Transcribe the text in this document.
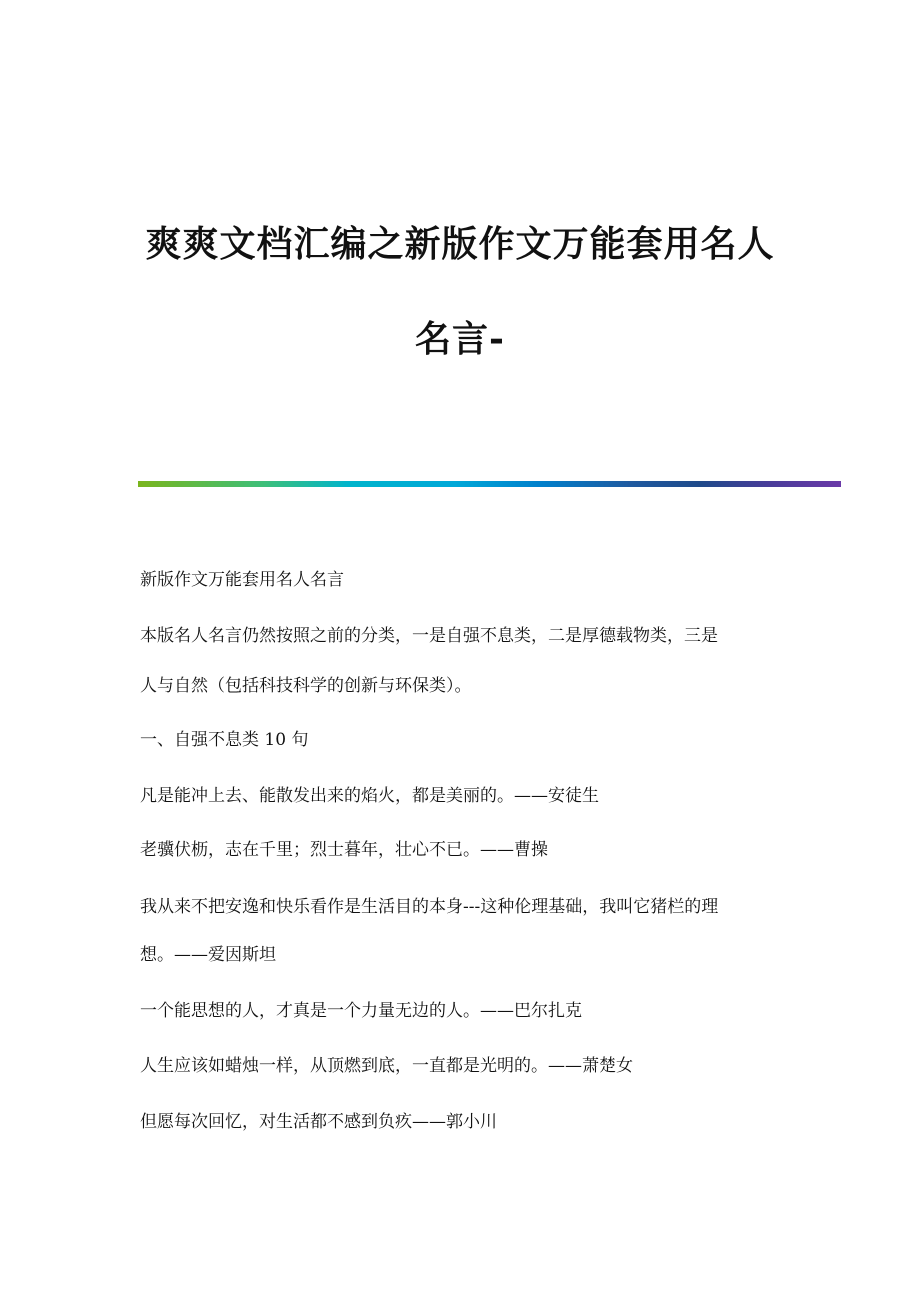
爽爽文档汇编之新版作文万能套用名人
名言-
新版作文万能套用名人名言
本版名人名言仍然按照之前的分类，一是自强不息类，二是厚德载物类，三是
人与自然（包括科技科学的创新与环保类）。
一、自强不息类 10 句
凡是能冲上去、能散发出来的焰火，都是美丽的。——安徒生
老骥伏枥，志在千里；烈士暮年，壮心不已。——曹操
我从来不把安逸和快乐看作是生活目的本身---这种伦理基础，我叫它猪栏的理
想。——爱因斯坦
一个能思想的人，才真是一个力量无边的人。——巴尔扎克
人生应该如蜡烛一样，从顶燃到底，一直都是光明的。——萧楚女
但愿每次回忆，对生活都不感到负疚——郭小川
